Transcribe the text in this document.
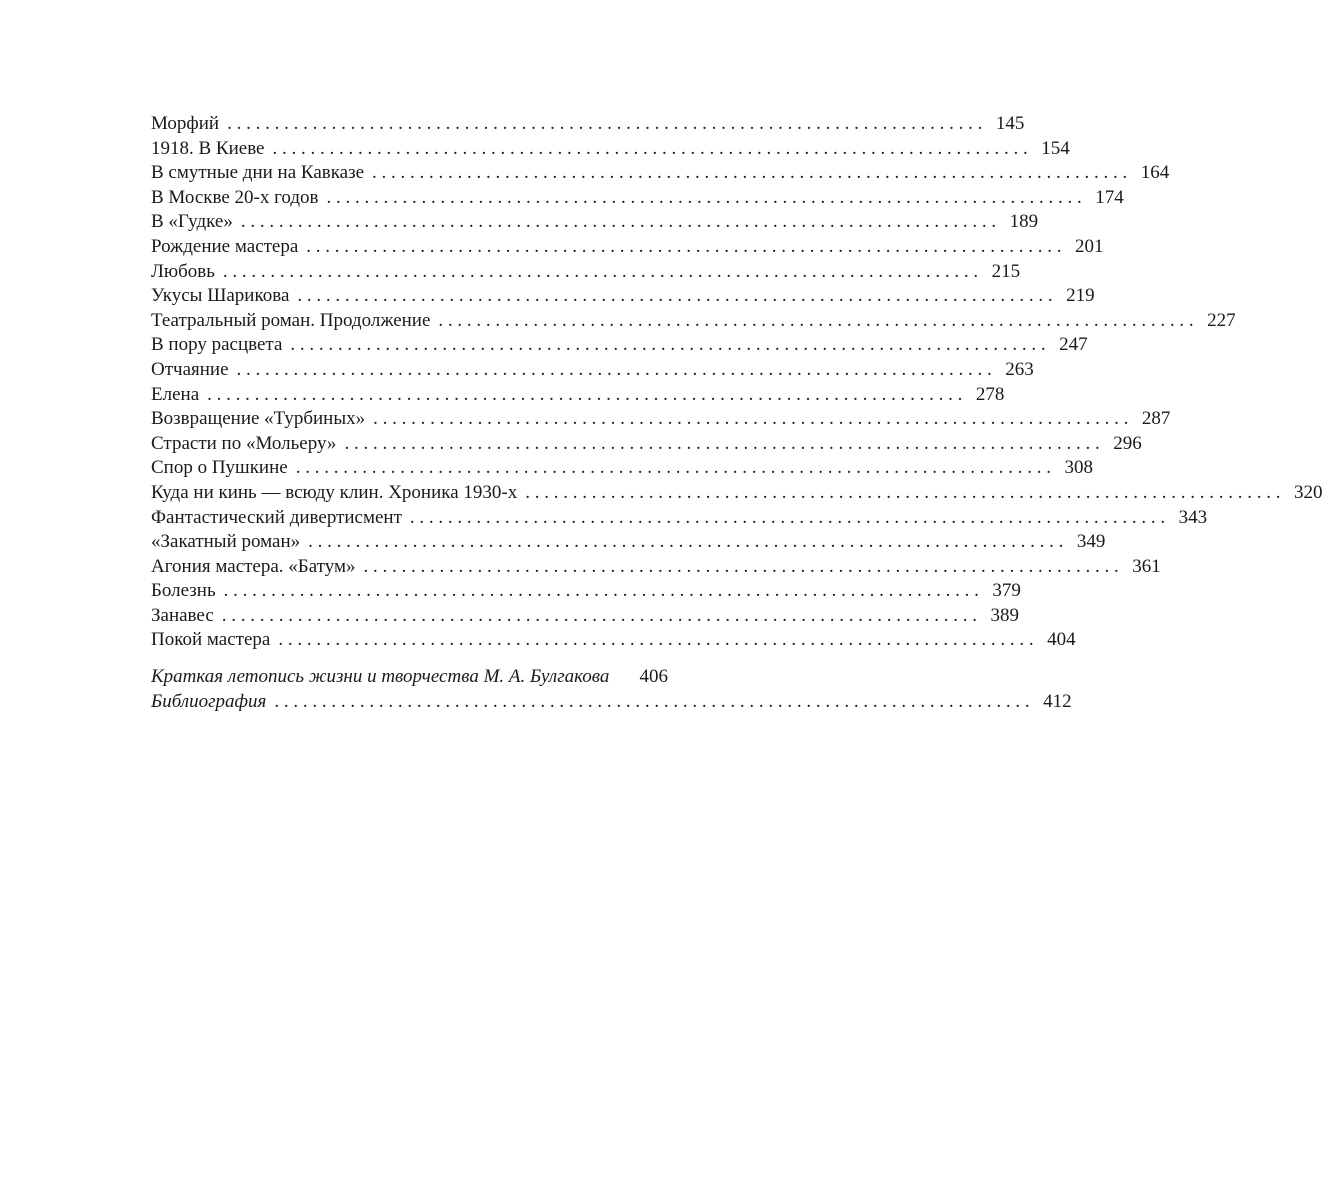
Морфий . . . . . . . . . . . . . . . . . . . . . . . . . . . . . . . . . . . . . . . . . . . . . . . . . . . . . . . . . . . . . . . . . . . . . . . . . . . . . . . . 145
1918. В Киеве . . . . . . . . . . . . . . . . . . . . . . . . . . . . . . . . . . . . . . . . . . . . . . . . . . . . . . . . . . . . . . . . . . . . . . . . . . . . . . . . 154
В смутные дни на Кавказе . . . . . . . . . . . . . . . . . . . . . . . . . . . . . . . . . . . . . . . . . . . . . . . . . . . . . . . . . . . . . . . . . . . . . . . . . . . . . . . . 164
В Москве 20-х годов . . . . . . . . . . . . . . . . . . . . . . . . . . . . . . . . . . . . . . . . . . . . . . . . . . . . . . . . . . . . . . . . . . . . . . . . . . . . . . . . 174
В «Гудке» . . . . . . . . . . . . . . . . . . . . . . . . . . . . . . . . . . . . . . . . . . . . . . . . . . . . . . . . . . . . . . . . . . . . . . . . . . . . . . . . 189
Рождение мастера . . . . . . . . . . . . . . . . . . . . . . . . . . . . . . . . . . . . . . . . . . . . . . . . . . . . . . . . . . . . . . . . . . . . . . . . . . . . . . . . 201
Любовь . . . . . . . . . . . . . . . . . . . . . . . . . . . . . . . . . . . . . . . . . . . . . . . . . . . . . . . . . . . . . . . . . . . . . . . . . . . . . . . . 215
Укусы Шарикова . . . . . . . . . . . . . . . . . . . . . . . . . . . . . . . . . . . . . . . . . . . . . . . . . . . . . . . . . . . . . . . . . . . . . . . . . . . . . . . . 219
Театральный роман. Продолжение . . . . . . . . . . . . . . . . . . . . . . . . . . . . . . . . . . . . . . . . . . . . . . . . . . . . . . . . . . . . . . . . . . . . . . . . . . . . . . . . 227
В пору расцвета . . . . . . . . . . . . . . . . . . . . . . . . . . . . . . . . . . . . . . . . . . . . . . . . . . . . . . . . . . . . . . . . . . . . . . . . . . . . . . . . 247
Отчаяние . . . . . . . . . . . . . . . . . . . . . . . . . . . . . . . . . . . . . . . . . . . . . . . . . . . . . . . . . . . . . . . . . . . . . . . . . . . . . . . . 263
Елена . . . . . . . . . . . . . . . . . . . . . . . . . . . . . . . . . . . . . . . . . . . . . . . . . . . . . . . . . . . . . . . . . . . . . . . . . . . . . . . . 278
Возвращение «Турбиных» . . . . . . . . . . . . . . . . . . . . . . . . . . . . . . . . . . . . . . . . . . . . . . . . . . . . . . . . . . . . . . . . . . . . . . . . . . . . . . . . 287
Страсти по «Мольеру» . . . . . . . . . . . . . . . . . . . . . . . . . . . . . . . . . . . . . . . . . . . . . . . . . . . . . . . . . . . . . . . . . . . . . . . . . . . . . . . . 296
Спор о Пушкине . . . . . . . . . . . . . . . . . . . . . . . . . . . . . . . . . . . . . . . . . . . . . . . . . . . . . . . . . . . . . . . . . . . . . . . . . . . . . . . . 308
Куда ни кинь — всюду клин. Хроника 1930-х . . . . . . . . . . . . . . . . . . . . . . . . . . . . . . . . . . . . . . . . . . . . . . . . . . . . . . . . . . . . . . . . . . . . . . . . . . . . . . . . 320
Фантастический дивертисмент . . . . . . . . . . . . . . . . . . . . . . . . . . . . . . . . . . . . . . . . . . . . . . . . . . . . . . . . . . . . . . . . . . . . . . . . . . . . . . . . 343
«Закатный роман» . . . . . . . . . . . . . . . . . . . . . . . . . . . . . . . . . . . . . . . . . . . . . . . . . . . . . . . . . . . . . . . . . . . . . . . . . . . . . . . . 349
Агония мастера. «Батум» . . . . . . . . . . . . . . . . . . . . . . . . . . . . . . . . . . . . . . . . . . . . . . . . . . . . . . . . . . . . . . . . . . . . . . . . . . . . . . . . 361
Болезнь . . . . . . . . . . . . . . . . . . . . . . . . . . . . . . . . . . . . . . . . . . . . . . . . . . . . . . . . . . . . . . . . . . . . . . . . . . . . . . . . 379
Занавес . . . . . . . . . . . . . . . . . . . . . . . . . . . . . . . . . . . . . . . . . . . . . . . . . . . . . . . . . . . . . . . . . . . . . . . . . . . . . . . . 389
Покой мастера . . . . . . . . . . . . . . . . . . . . . . . . . . . . . . . . . . . . . . . . . . . . . . . . . . . . . . . . . . . . . . . . . . . . . . . . . . . . . . . . 404
Краткая летопись жизни и творчества М. А. Булгакова	406
Библиография . . . . . . . . . . . . . . . . . . . . . . . . . . . . . . . . . . . . . . . . . . . . . . . . . . . . . . . . . . . . . . . . . . . . . . . . . . . . . . . . 412
